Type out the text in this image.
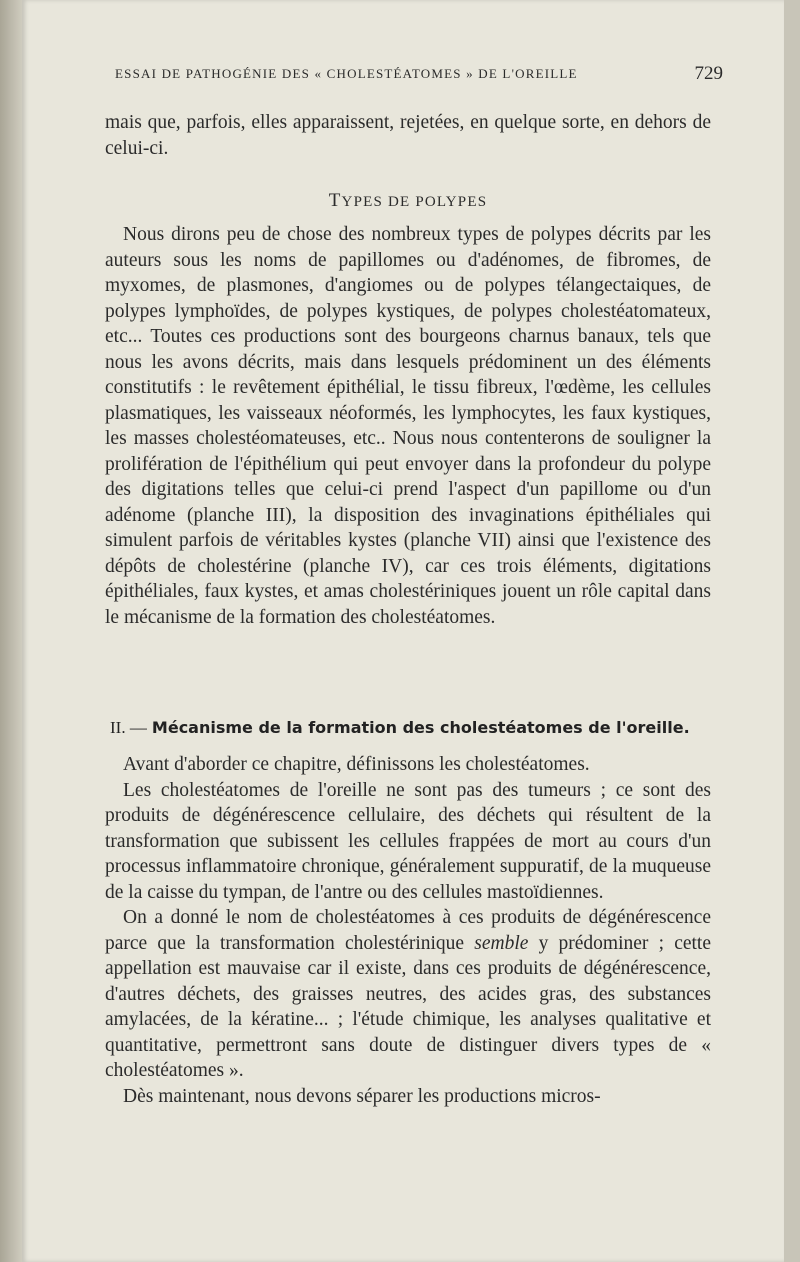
ESSAI DE PATHOGÉNIE DES « CHOLESTÉATOMES » DE L'OREILLE	729

mais que, parfois, elles apparaissent, rejetées, en quelque sorte, en dehors de celui-ci.

TYPES DE POLYPES

Nous dirons peu de chose des nombreux types de polypes décrits par les auteurs sous les noms de papillomes ou d'adénomes, de fibromes, de myxomes, de plasmones, d'angiomes ou de polypes télangectaiques, de polypes lymphoïdes, de polypes kystiques, de polypes cholestéatomateux, etc... Toutes ces productions sont des bourgeons charnus banaux, tels que nous les avons décrits, mais dans lesquels prédominent un des éléments constitutifs : le revêtement épithélial, le tissu fibreux, l'œdème, les cellules plasmatiques, les vaisseaux néoformés, les lymphocytes, les faux kystiques, les masses cholestéomateuses, etc.. Nous nous contenterons de souligner la prolifération de l'épithélium qui peut envoyer dans la profondeur du polype des digitations telles que celui-ci prend l'aspect d'un papillome ou d'un adénome (planche III), la disposition des invaginations épithéliales qui simulent parfois de véritables kystes (planche VII) ainsi que l'existence des dépôts de cholestérine (planche IV), car ces trois éléments, digitations épithéliales, faux kystes, et amas cholestériniques jouent un rôle capital dans le mécanisme de la formation des cholestéatomes.

II. — Mécanisme de la formation des cholestéatomes de l'oreille.

Avant d'aborder ce chapitre, définissons les cholestéatomes.

Les cholestéatomes de l'oreille ne sont pas des tumeurs ; ce sont des produits de dégénérescence cellulaire, des déchets qui résultent de la transformation que subissent les cellules frappées de mort au cours d'un processus inflammatoire chronique, généralement suppuratif, de la muqueuse de la caisse du tympan, de l'antre ou des cellules mastoïdiennes.

On a donné le nom de cholestéatomes à ces produits de dégénérescence parce que la transformation cholestérinique semble y prédominer ; cette appellation est mauvaise car il existe, dans ces produits de dégénérescence, d'autres déchets, des graisses neutres, des acides gras, des substances amylacées, de la kératine... ; l'étude chimique, les analyses qualitative et quantitative, permettront sans doute de distinguer divers types de « cholestéatomes ».

Dès maintenant, nous devons séparer les productions micros-
